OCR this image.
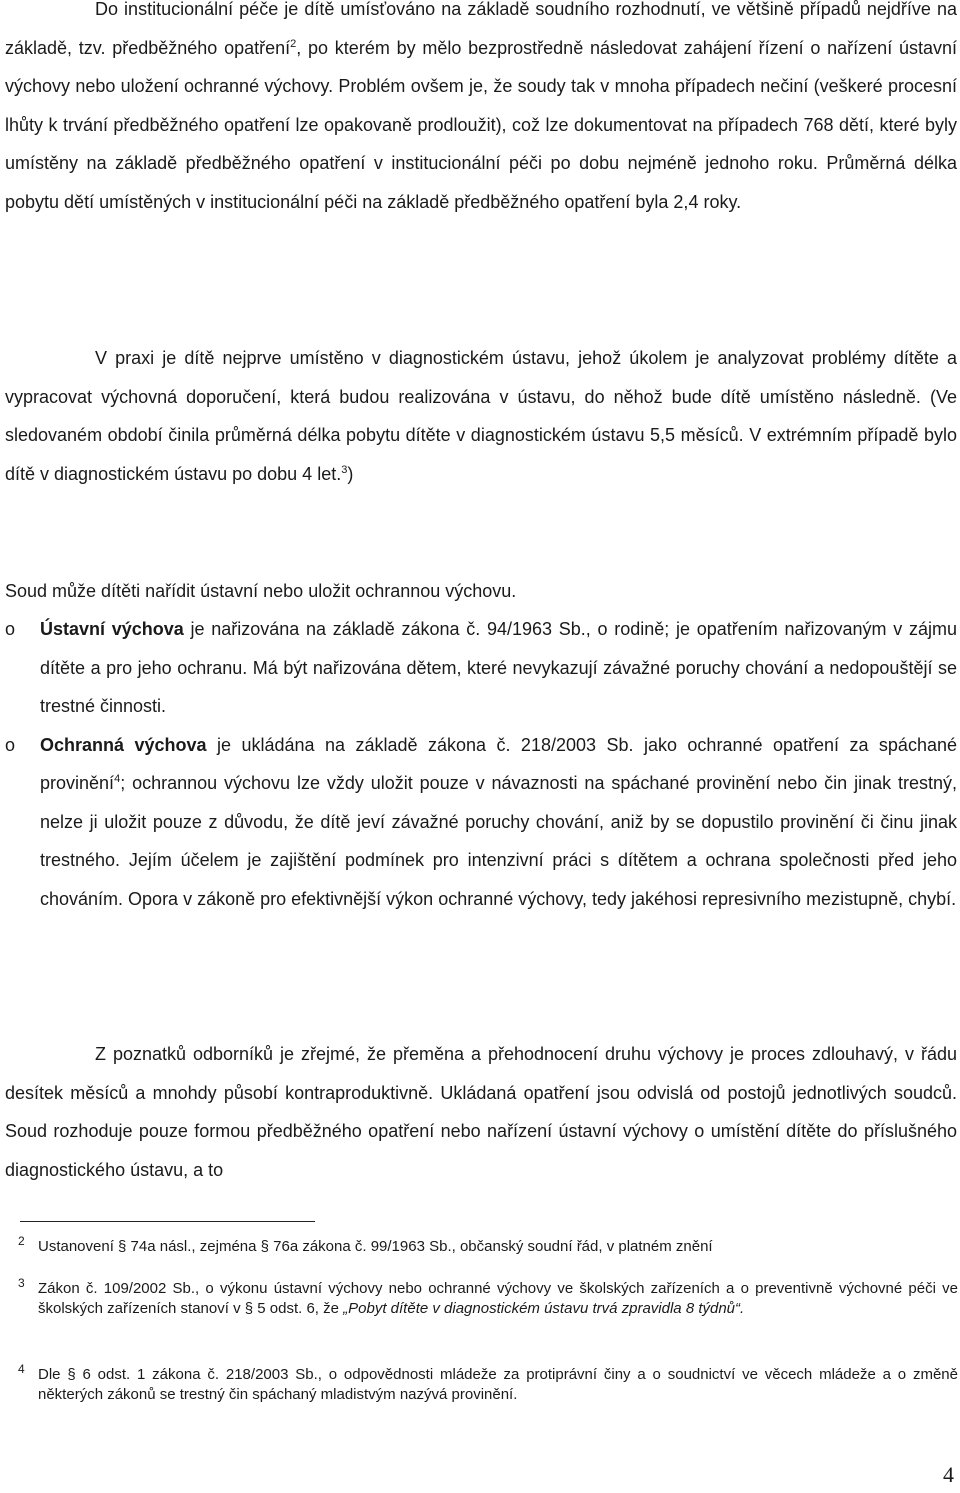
Do institucionální péče je dítě umísťováno na základě soudního rozhodnutí, ve většině případů nejdříve na základě, tzv. předběžného opatření$^2$, po kterém by mělo bezprostředně následovat zahájení řízení o nařízení ústavní výchovy nebo uložení ochranné výchovy. Problém ovšem je, že soudy tak v mnoha případech nečiní (veškeré procesní lhůty k trvání předběžného opatření lze opakovaně prodloužit), což lze dokumentovat na případech 768 dětí, které byly umístěny na základě předběžného opatření v institucionální péči po dobu nejméně jednoho roku. Průměrná délka pobytu dětí umístěných v institucionální péči na základě předběžného opatření byla 2,4 roky.

V praxi je dítě nejprve umístěno v diagnostickém ústavu, jehož úkolem je analyzovat problémy dítěte a vypracovat výchovná doporučení, která budou realizována v ústavu, do něhož bude dítě umístěno následně. (Ve sledovaném období činila průměrná délka pobytu dítěte v diagnostickém ústavu 5,5 měsíců. V extrémním případě bylo dítě v diagnostickém ústavu po dobu 4 let.$^3$)

Soud může dítěti nařídit ústavní nebo uložit ochrannou výchovu.

o Ústavní výchova je nařizována na základě zákona č. 94/1963 Sb., o rodině; je opatřením nařizovaným v zájmu dítěte a pro jeho ochranu. Má být nařizována dětem, které nevykazují závažné poruchy chování a nedopouštějí se trestné činnosti.
o Ochranná výchova je ukládána na základě zákona č. 218/2003 Sb. jako ochranné opatření za spáchané provinění$^4$; ochrannou výchovu lze vždy uložit pouze v návaznosti na spáchané provinění nebo čin jinak trestný, nelze ji uložit pouze z důvodu, že dítě jeví závažné poruchy chování, aniž by se dopustilo provinění či činu jinak trestného. Jejím účelem je zajištění podmínek pro intenzivní práci s dítětem a ochrana společnosti před jeho chováním. Opora v zákoně pro efektivnější výkon ochranné výchovy, tedy jakéhosi represivního mezistupně, chybí.

Z poznatků odborníků je zřejmé, že přeměna a přehodnocení druhu výchovy je proces zdlouhavý, v řádu desítek měsíců a mnohdy působí kontraproduktivně. Ukládaná opatření jsou odvislá od postojů jednotlivých soudců. Soud rozhoduje pouze formou předběžného opatření nebo nařízení ústavní výchovy o umístění dítěte do příslušného diagnostického ústavu, a to

2 Ustanovení § 74a násl., zejména § 76a zákona č. 99/1963 Sb., občanský soudní řád, v platném znění
3 Zákon č. 109/2002 Sb., o výkonu ústavní výchovy nebo ochranné výchovy ve školských zařízeních a o preventivně výchovné péči ve školských zařízeních stanoví v § 5 odst. 6, že „Pobyt dítěte v diagnostickém ústavu trvá zpravidla 8 týdnů“.
4 Dle § 6 odst. 1 zákona č. 218/2003 Sb., o odpovědnosti mládeže za protiprávní činy a o soudnictví ve věcech mládeže a o změně některých zákonů se trestný čin spáchaný mladistvým nazývá provinění.
4
